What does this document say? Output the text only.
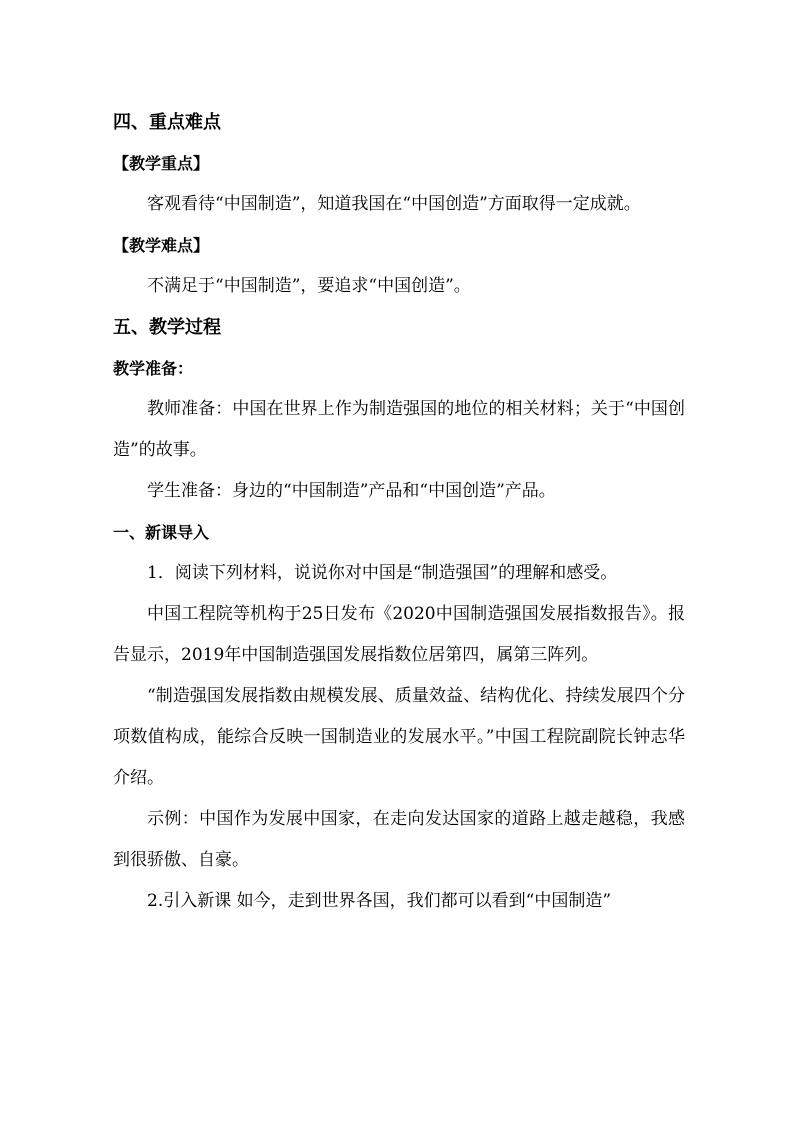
四、重点难点
【教学重点】

客观看待“中国制造”，知道我国在“中国创造”方面取得一定成就。

【教学难点】

不满足于“中国制造”，要追求“中国创造”。

五、教学过程
教学准备：

教师准备：中国在世界上作为制造强国的地位的相关材料；关于“中国创造”的故事。

学生准备：身边的“中国制造”产品和“中国创造”产品。

一、新课导入

1．阅读下列材料，说说你对中国是“制造强国”的理解和感受。

中国工程院等机构于25日发布《2020中国制造强国发展指数报告》。报告显示，2019年中国制造强国发展指数位居第四，属第三阵列。

“制造强国发展指数由规模发展、质量效益、结构优化、持续发展四个分项数值构成，能综合反映一国制造业的发展水平。”中国工程院副院长钟志华介绍。

示例：中国作为发展中国家，在走向发达国家的道路上越走越稳，我感到很骄傲、自豪。

2.引入新课 如今，走到世界各国，我们都可以看到“中国制造”
